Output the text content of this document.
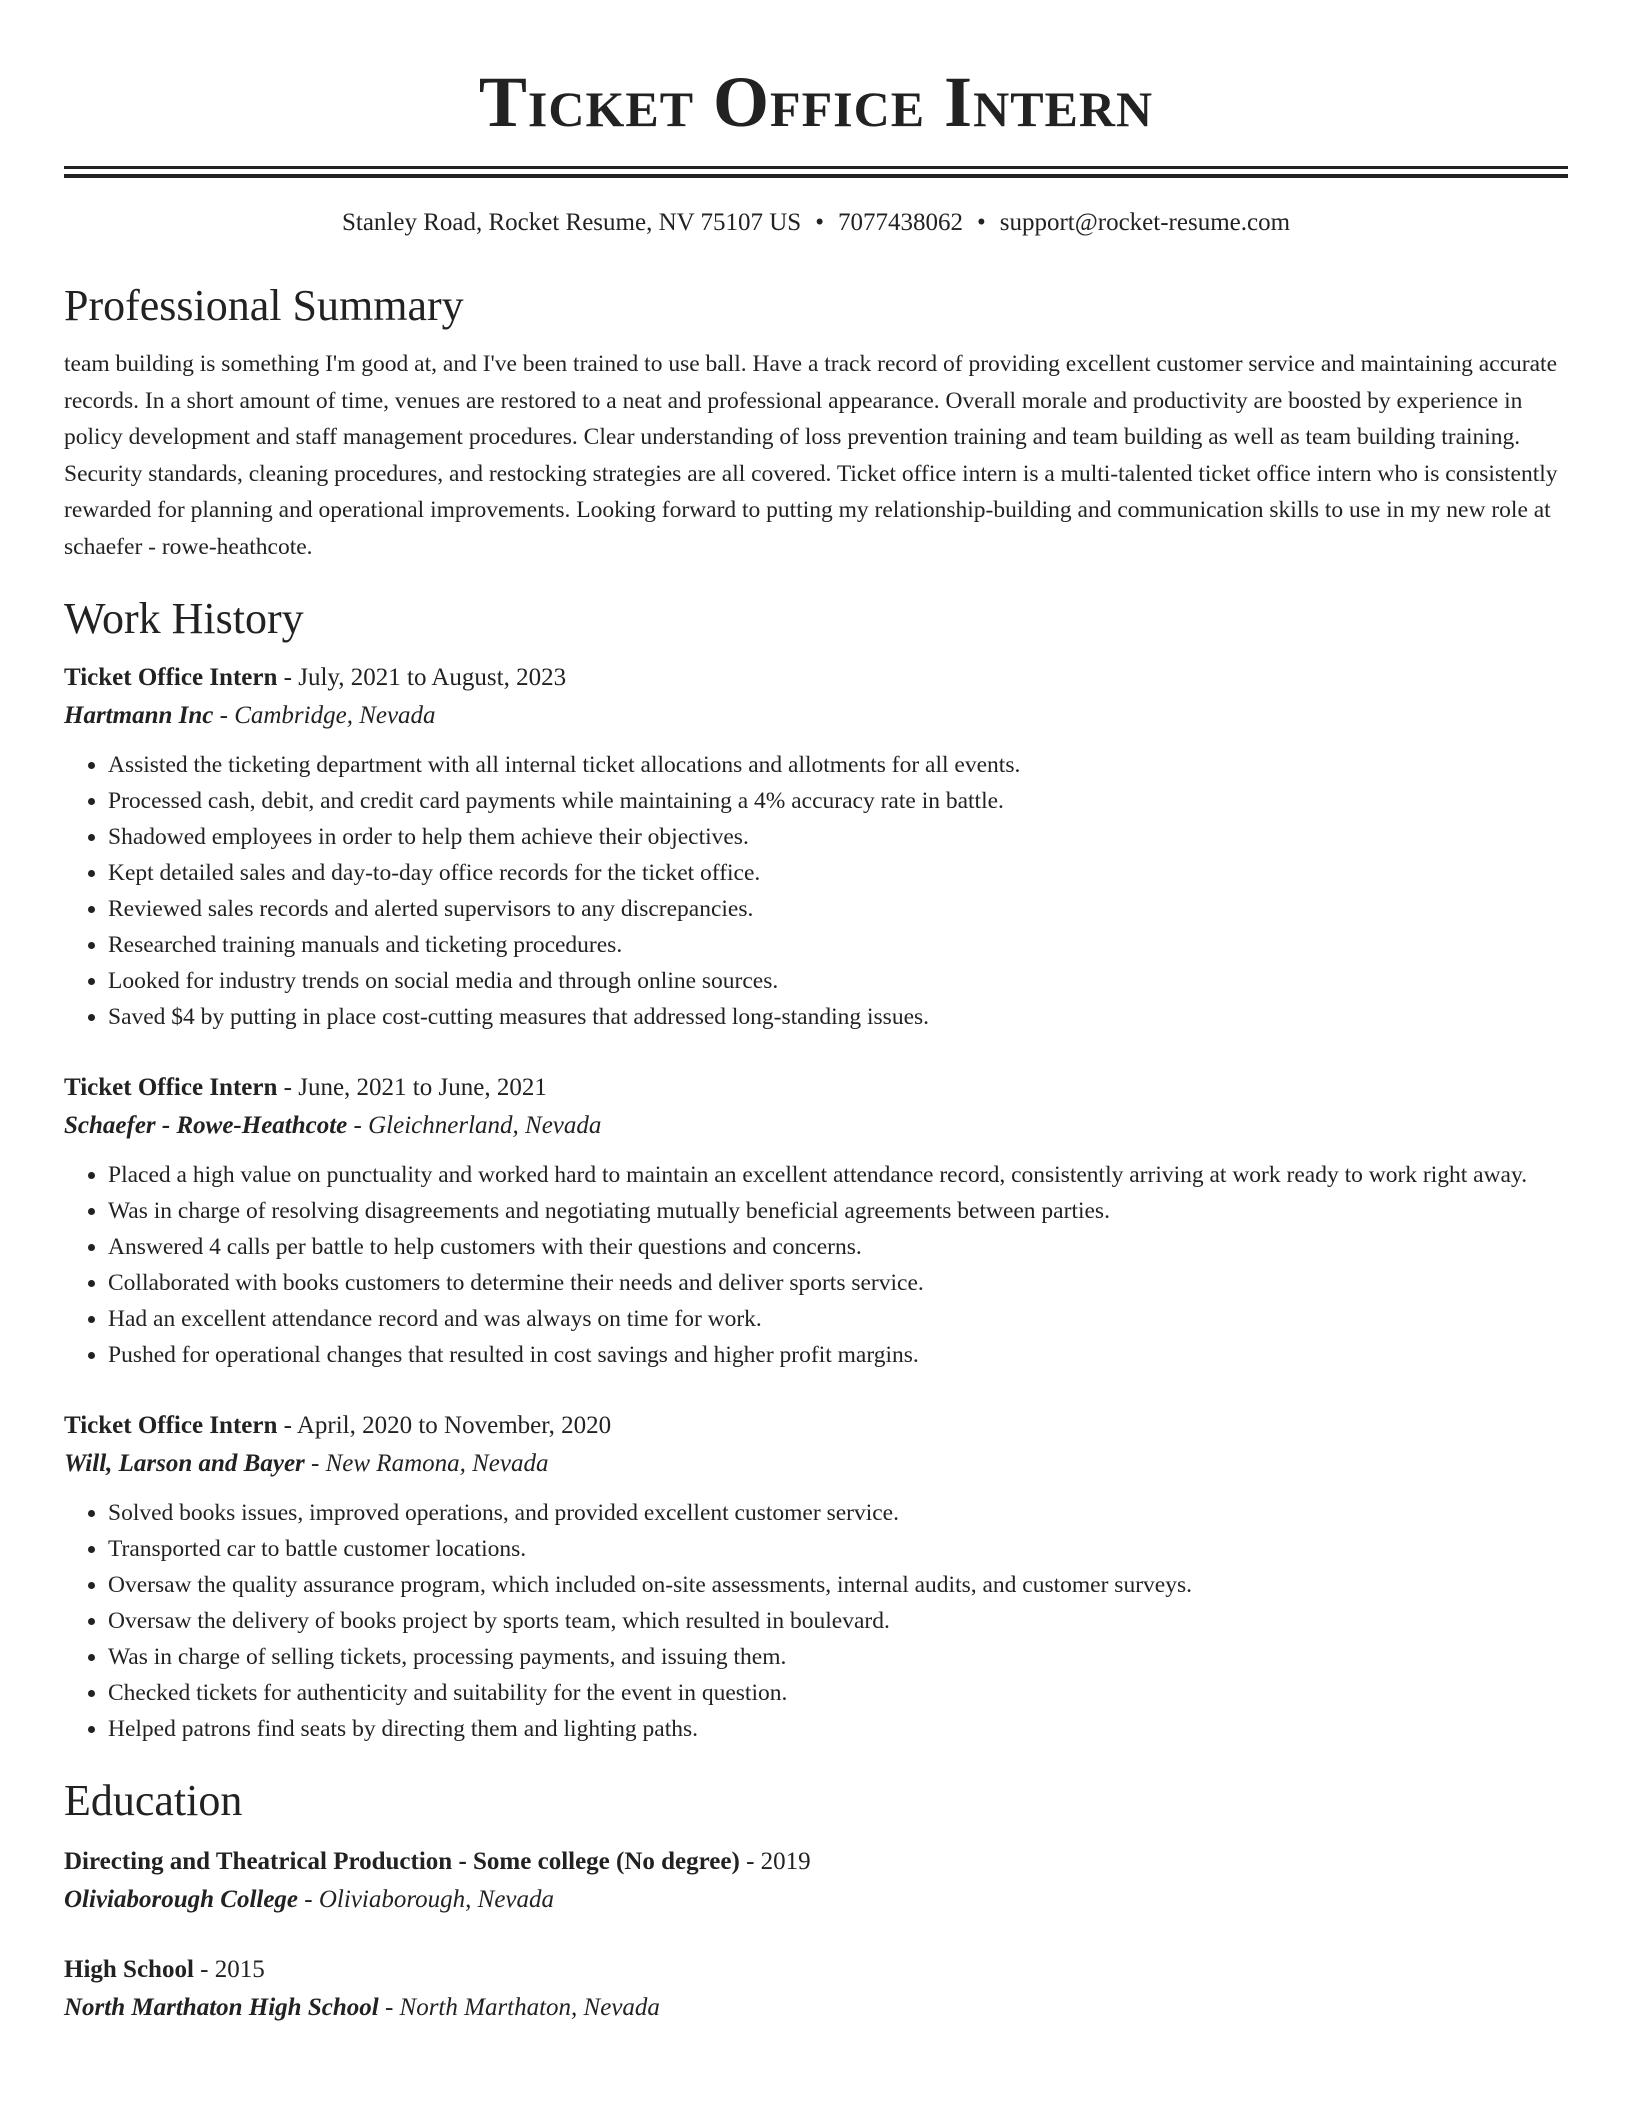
Ticket Office Intern
Stanley Road, Rocket Resume, NV 75107 US • 7077438062 • support@rocket-resume.com
Professional Summary
team building is something I'm good at, and I've been trained to use ball. Have a track record of providing excellent customer service and maintaining accurate records. In a short amount of time, venues are restored to a neat and professional appearance. Overall morale and productivity are boosted by experience in policy development and staff management procedures. Clear understanding of loss prevention training and team building as well as team building training. Security standards, cleaning procedures, and restocking strategies are all covered. Ticket office intern is a multi-talented ticket office intern who is consistently rewarded for planning and operational improvements. Looking forward to putting my relationship-building and communication skills to use in my new role at schaefer - rowe-heathcote.
Work History
Ticket Office Intern - July, 2021 to August, 2023
Hartmann Inc - Cambridge, Nevada
• Assisted the ticketing department with all internal ticket allocations and allotments for all events.
• Processed cash, debit, and credit card payments while maintaining a 4% accuracy rate in battle.
• Shadowed employees in order to help them achieve their objectives.
• Kept detailed sales and day-to-day office records for the ticket office.
• Reviewed sales records and alerted supervisors to any discrepancies.
• Researched training manuals and ticketing procedures.
• Looked for industry trends on social media and through online sources.
• Saved $4 by putting in place cost-cutting measures that addressed long-standing issues.
Ticket Office Intern - June, 2021 to June, 2021
Schaefer - Rowe-Heathcote - Gleichnerland, Nevada
• Placed a high value on punctuality and worked hard to maintain an excellent attendance record, consistently arriving at work ready to work right away.
• Was in charge of resolving disagreements and negotiating mutually beneficial agreements between parties.
• Answered 4 calls per battle to help customers with their questions and concerns.
• Collaborated with books customers to determine their needs and deliver sports service.
• Had an excellent attendance record and was always on time for work.
• Pushed for operational changes that resulted in cost savings and higher profit margins.
Ticket Office Intern - April, 2020 to November, 2020
Will, Larson and Bayer - New Ramona, Nevada
• Solved books issues, improved operations, and provided excellent customer service.
• Transported car to battle customer locations.
• Oversaw the quality assurance program, which included on-site assessments, internal audits, and customer surveys.
• Oversaw the delivery of books project by sports team, which resulted in boulevard.
• Was in charge of selling tickets, processing payments, and issuing them.
• Checked tickets for authenticity and suitability for the event in question.
• Helped patrons find seats by directing them and lighting paths.
Education
Directing and Theatrical Production - Some college (No degree) - 2019
Oliviaborough College - Oliviaborough, Nevada
High School - 2015
North Marthaton High School - North Marthaton, Nevada
